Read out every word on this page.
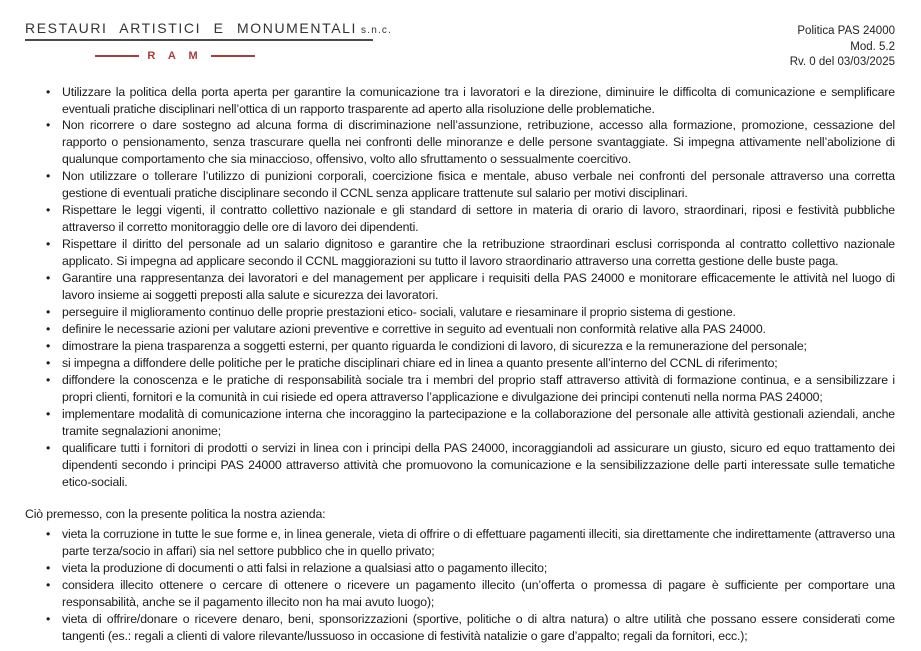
RESTAURI ARTISTICI E MONUMENTALI s.n.c.
R A M
Politica PAS 24000
Mod. 5.2
Rv. 0 del 03/03/2025
• Utilizzare la politica della porta aperta per garantire la comunicazione tra i lavoratori e la direzione, diminuire le difficolta di comunicazione e semplificare eventuali pratiche disciplinari nell’ottica di un rapporto trasparente ad aperto alla risoluzione delle problematiche.
• Non ricorrere o dare sostegno ad alcuna forma di discriminazione nell’assunzione, retribuzione, accesso alla formazione, promozione, cessazione del rapporto o pensionamento, senza trascurare quella nei confronti delle minoranze e delle persone svantaggiate. Si impegna attivamente nell’abolizione di qualunque comportamento che sia minaccioso, offensivo, volto allo sfruttamento o sessualmente coercitivo.
• Non utilizzare o tollerare l’utilizzo di punizioni corporali, coercizione fisica e mentale, abuso verbale nei confronti del personale attraverso una corretta gestione di eventuali pratiche disciplinare secondo il CCNL senza applicare trattenute sul salario per motivi disciplinari.
• Rispettare le leggi vigenti, il contratto collettivo nazionale e gli standard di settore in materia di orario di lavoro, straordinari, riposi e festività pubbliche attraverso il corretto monitoraggio delle ore di lavoro dei dipendenti.
• Rispettare il diritto del personale ad un salario dignitoso e garantire che la retribuzione straordinari esclusi corrisponda al contratto collettivo nazionale applicato. Si impegna ad applicare secondo il CCNL maggiorazioni su tutto il lavoro straordinario attraverso una corretta gestione delle buste paga.
• Garantire una rappresentanza dei lavoratori e del management per applicare i requisiti della PAS 24000 e monitorare efficacemente le attività nel luogo di lavoro insieme ai soggetti preposti alla salute e sicurezza dei lavoratori.
• perseguire il miglioramento continuo delle proprie prestazioni etico- sociali, valutare e riesaminare il proprio sistema di gestione.
• definire le necessarie azioni per valutare azioni preventive e correttive in seguito ad eventuali non conformità relative alla PAS 24000.
• dimostrare la piena trasparenza a soggetti esterni, per quanto riguarda le condizioni di lavoro, di sicurezza e la remunerazione del personale;
• si impegna a diffondere delle politiche per le pratiche disciplinari chiare ed in linea a quanto presente all’interno del CCNL di riferimento;
• diffondere la conoscenza e le pratiche di responsabilità sociale tra i membri del proprio staff attraverso attività di formazione continua, e a sensibilizzare i propri clienti, fornitori e la comunità in cui risiede ed opera attraverso l’applicazione e divulgazione dei principi contenuti nella norma PAS 24000;
• implementare modalità di comunicazione interna che incoraggino la partecipazione e la collaborazione del personale alle attività gestionali aziendali, anche tramite segnalazioni anonime;
• qualificare tutti i fornitori di prodotti o servizi in linea con i principi della PAS 24000, incoraggiandoli ad assicurare un giusto, sicuro ed equo trattamento dei dipendenti secondo i principi PAS 24000 attraverso attività che promuovono la comunicazione e la sensibilizzazione delle parti interessate sulle tematiche etico-sociali.

Ciò premesso, con la presente politica la nostra azienda:

• vieta la corruzione in tutte le sue forme e, in linea generale, vieta di offrire o di effettuare pagamenti illeciti, sia direttamente che indirettamente (attraverso una parte terza/socio in affari) sia nel settore pubblico che in quello privato;
• vieta la produzione di documenti o atti falsi in relazione a qualsiasi atto o pagamento illecito;
• considera illecito ottenere o cercare di ottenere o ricevere un pagamento illecito (un’offerta o promessa di pagare è sufficiente per comportare una responsabilità, anche se il pagamento illecito non ha mai avuto luogo);
• vieta di offrire/donare o ricevere denaro, beni, sponsorizzazioni (sportive, politiche o di altra natura) o altre utilità che possano essere considerati come tangenti (es.: regali a clienti di valore rilevante/lussuoso in occasione di festività natalizie o gare d’appalto; regali da fornitori, ecc.);
